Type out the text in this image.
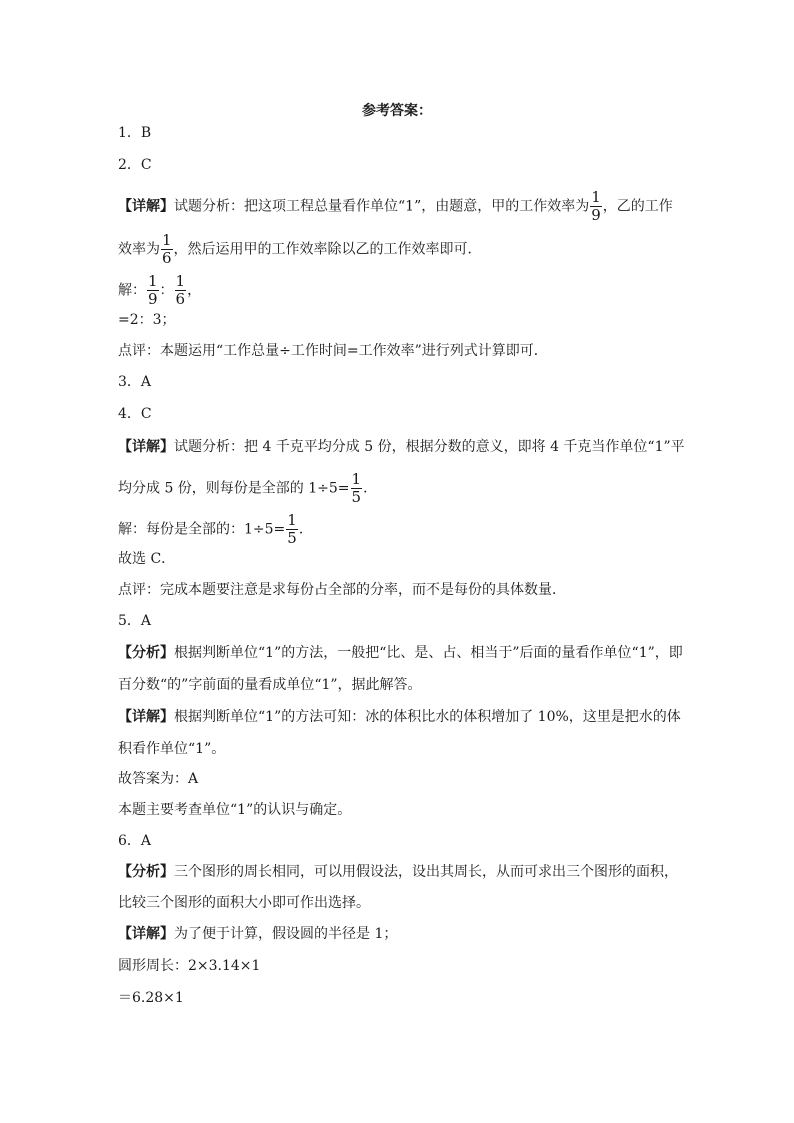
参考答案：
1．B
2．C
【详解】试题分析：把这项工程总量看作单位“1”，由题意，甲的工作效率为 $\frac{1}{9}$ ，乙的工作
效率为 $\frac{1}{6}$ ，然后运用甲的工作效率除以乙的工作效率即可．
解： $\frac{1}{9}$ ： $\frac{1}{6}$ ，
=2：3；
点评：本题运用“工作总量÷工作时间=工作效率”进行列式计算即可．
3．A
4．C
【详解】试题分析：把 4 千克平均分成 5 份，根据分数的意义，即将 4 千克当作单位“1”平
均分成 5 份，则每份是全部的 $1\div 5= \frac{1}{5}$ ．
解：每份是全部的：$1\div 5= \frac{1}{5}$ ．
故选 C．
点评：完成本题要注意是求每份占全部的分率，而不是每份的具体数量．
5．A
【分析】根据判断单位“1”的方法，一般把“比、是、占、相当于”后面的量看作单位“1”，即
百分数“的”字前面的量看成单位“1”，据此解答。
【详解】根据判断单位“1”的方法可知：冰的体积比水的体积增加了 10%，这里是把水的体
积看作单位“1”。
故答案为：A
本题主要考查单位“1”的认识与确定。
6．A
【分析】三个图形的周长相同，可以用假设法，设出其周长，从而可求出三个图形的面积，
比较三个图形的面积大小即可作出选择。
【详解】为了便于计算，假设圆的半径是 1；
圆形周长：2×3.14×1
＝6.28×1
